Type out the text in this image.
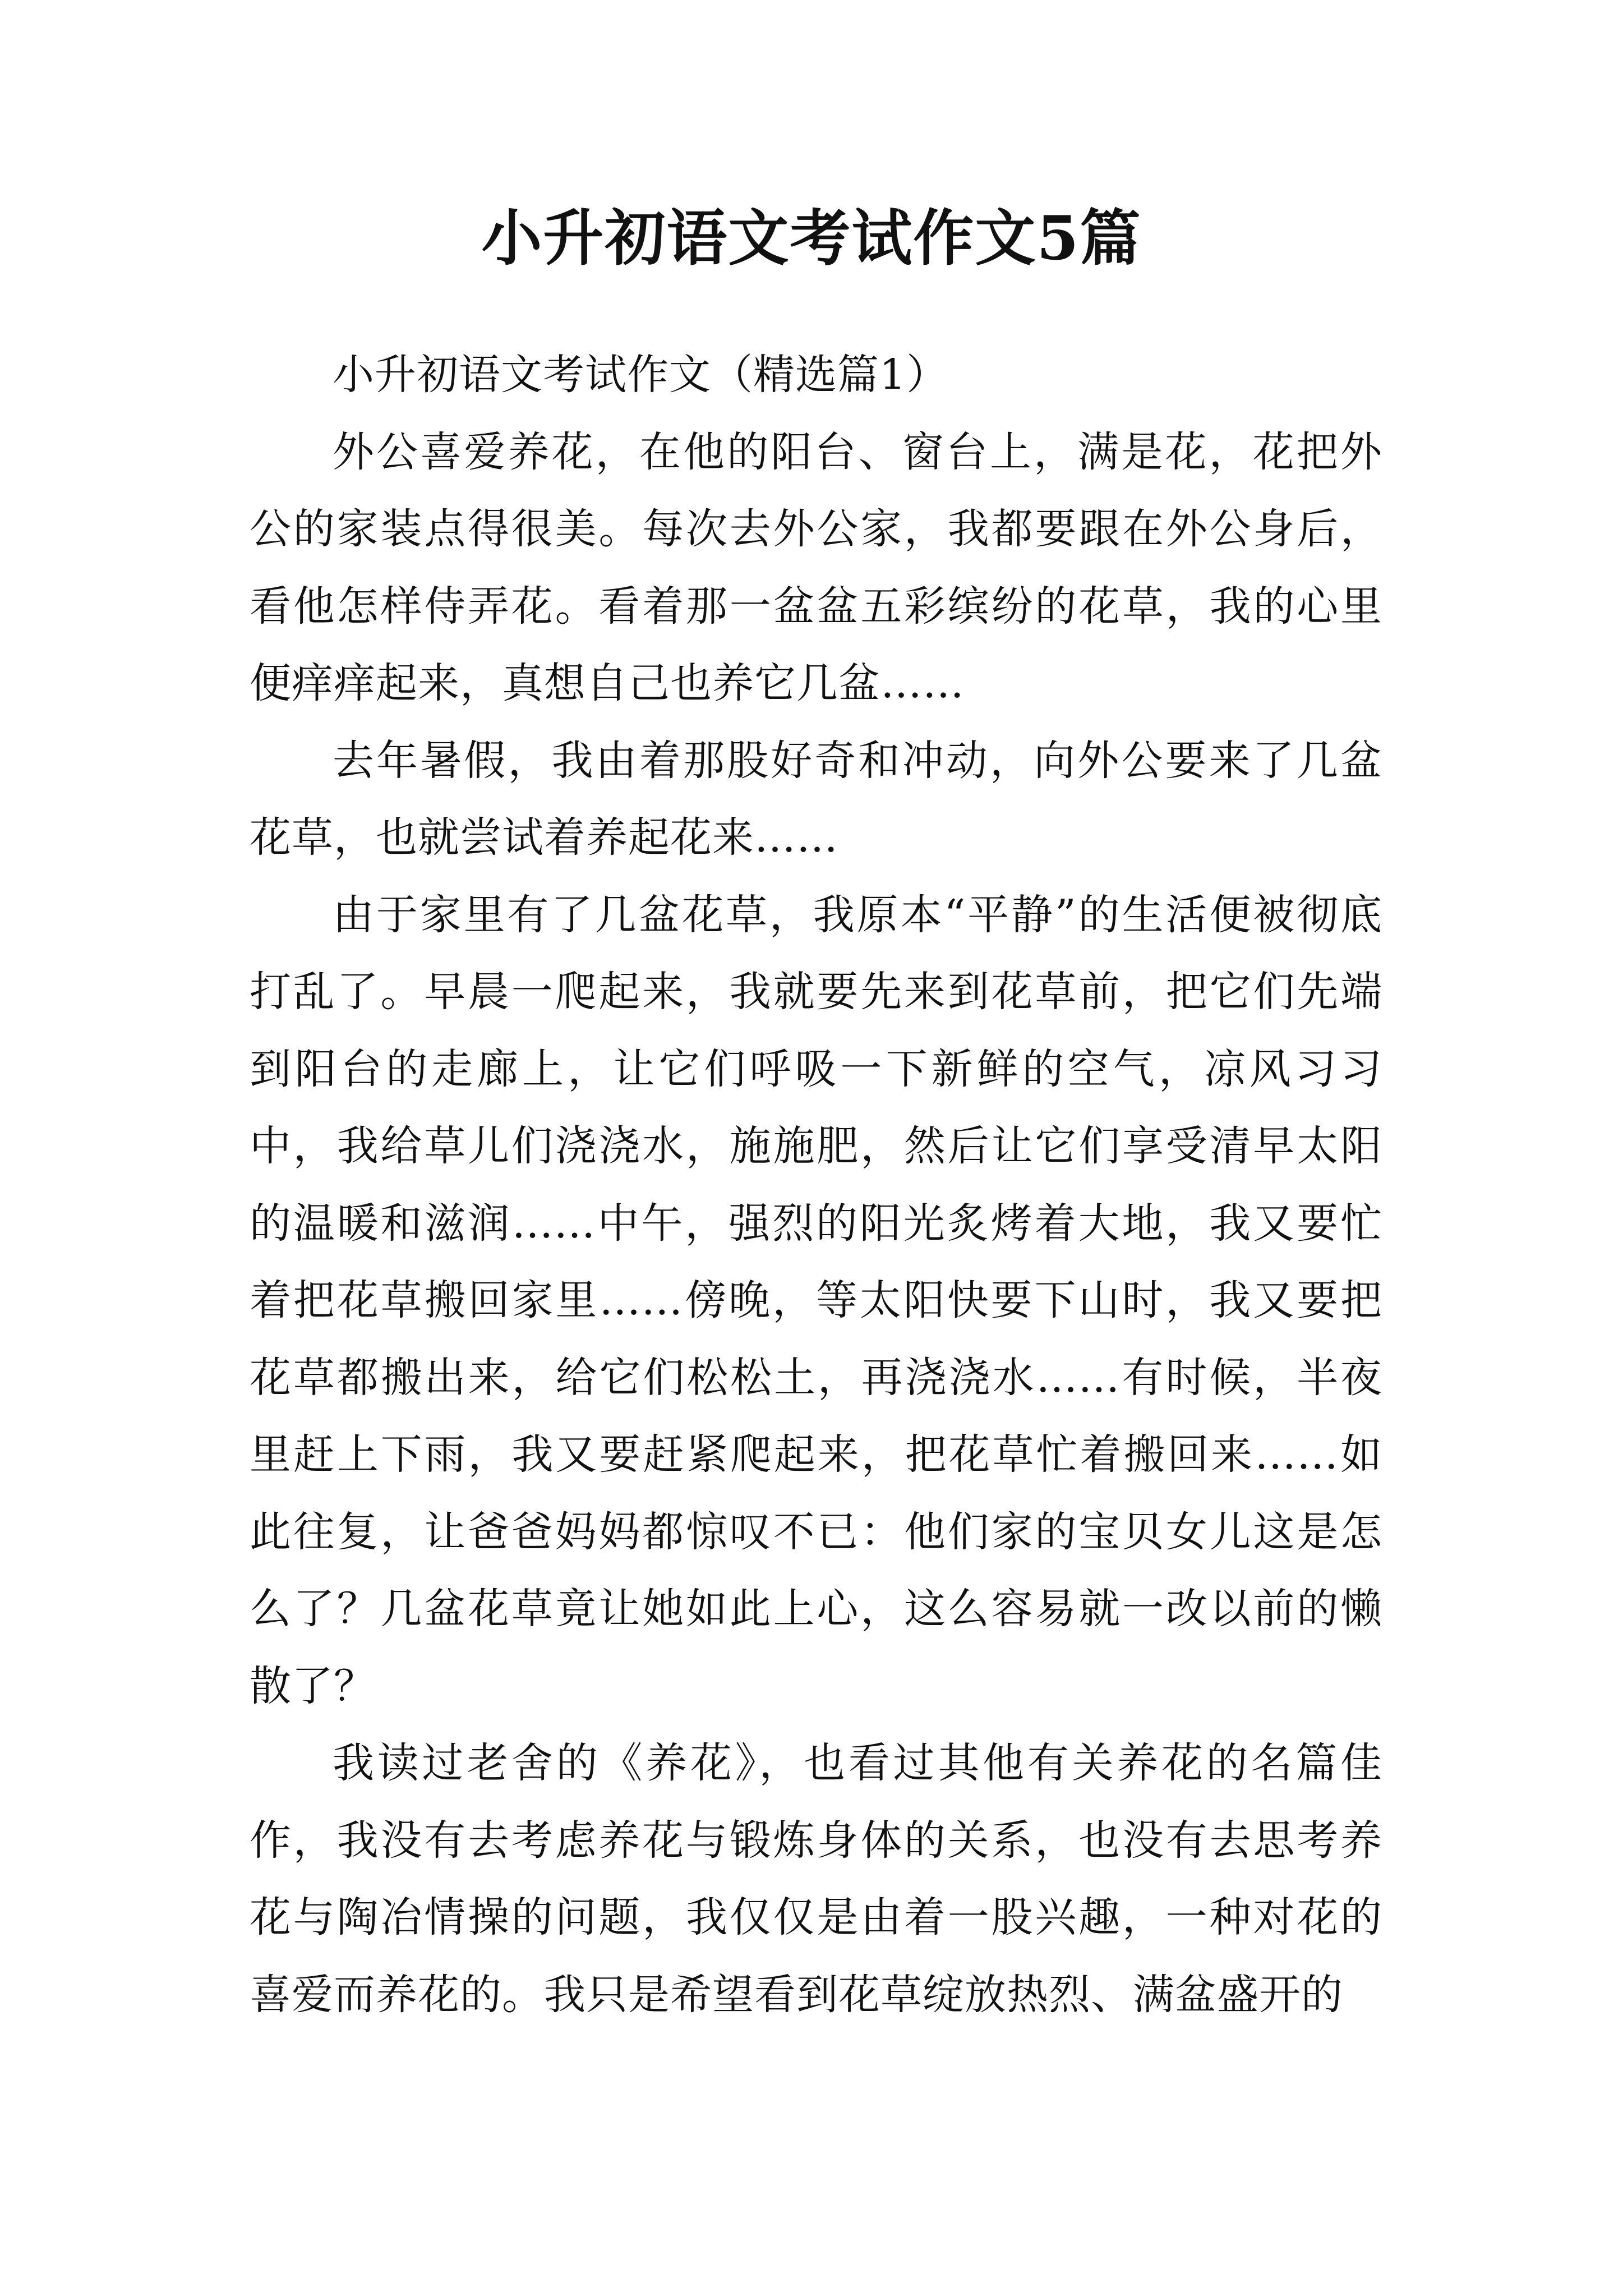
小升初语文考试作文5篇

小升初语文考试作文（精选篇1）

外公喜爱养花，在他的阳台、窗台上，满是花，花把外公的家装点得很美。每次去外公家，我都要跟在外公身后，看他怎样侍弄花。看着那一盆盆五彩缤纷的花草，我的心里便痒痒起来，真想自己也养它几盆……

去年暑假，我由着那股好奇和冲动，向外公要来了几盆花草，也就尝试着养起花来……

由于家里有了几盆花草，我原本“平静”的生活便被彻底打乱了。早晨一爬起来，我就要先来到花草前，把它们先端到阳台的走廊上，让它们呼吸一下新鲜的空气，凉风习习中，我给草儿们浇浇水，施施肥，然后让它们享受清早太阳的温暖和滋润……中午，强烈的阳光炙烤着大地，我又要忙着把花草搬回家里……傍晚，等太阳快要下山时，我又要把花草都搬出来，给它们松松土，再浇浇水……有时候，半夜里赶上下雨，我又要赶紧爬起来，把花草忙着搬回来……如此往复，让爸爸妈妈都惊叹不已：他们家的宝贝女儿这是怎么了？几盆花草竟让她如此上心，这么容易就一改以前的懒散了？

我读过老舍的《养花》，也看过其他有关养花的名篇佳作，我没有去考虑养花与锻炼身体的关系，也没有去思考养花与陶冶情操的问题，我仅仅是由着一股兴趣，一种对花的喜爱而养花的。我只是希望看到花草绽放热烈、满盆盛开的
